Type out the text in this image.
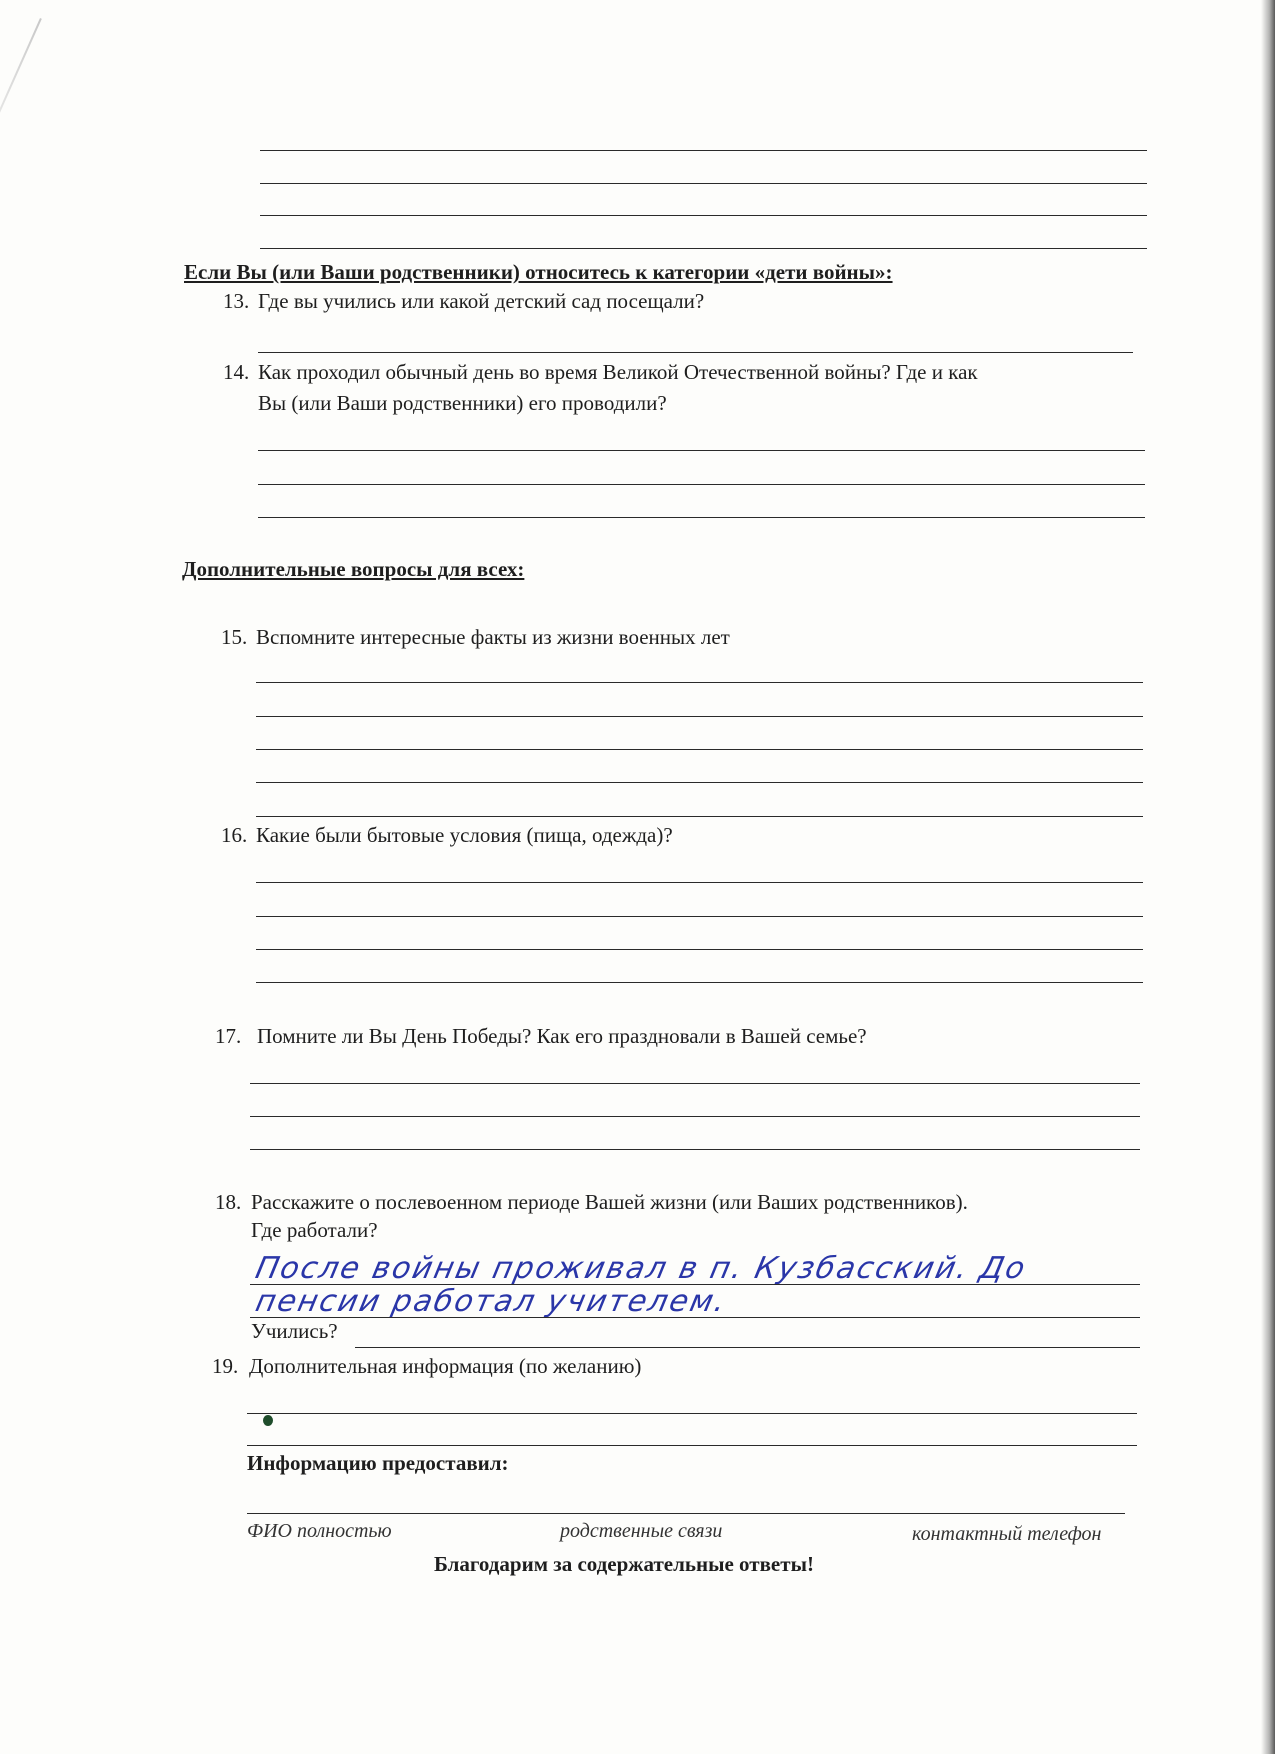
Если Вы (или Ваши родственники) относитесь к категории «дети войны»:
13. Где вы учились или какой детский сад посещали?
14. Как проходил обычный день во время Великой Отечественной войны? Где и как
Вы (или Ваши родственники) его проводили?
Дополнительные вопросы для всех:
15. Вспомните интересные факты из жизни военных лет
16. Какие были бытовые условия (пища, одежда)?
17. Помните ли Вы День Победы? Как его праздновали в Вашей семье?
18. Расскажите о послевоенном периоде Вашей жизни (или Ваших родственников).
Где работали?
После войны проживал в п. Кузбасский. До
пенсии работал учителем.
Учились?
19. Дополнительная информация (по желанию)
Информацию предоставил:
ФИО полностью	родственные связи	контактный телефон
Благодарим за содержательные ответы!
